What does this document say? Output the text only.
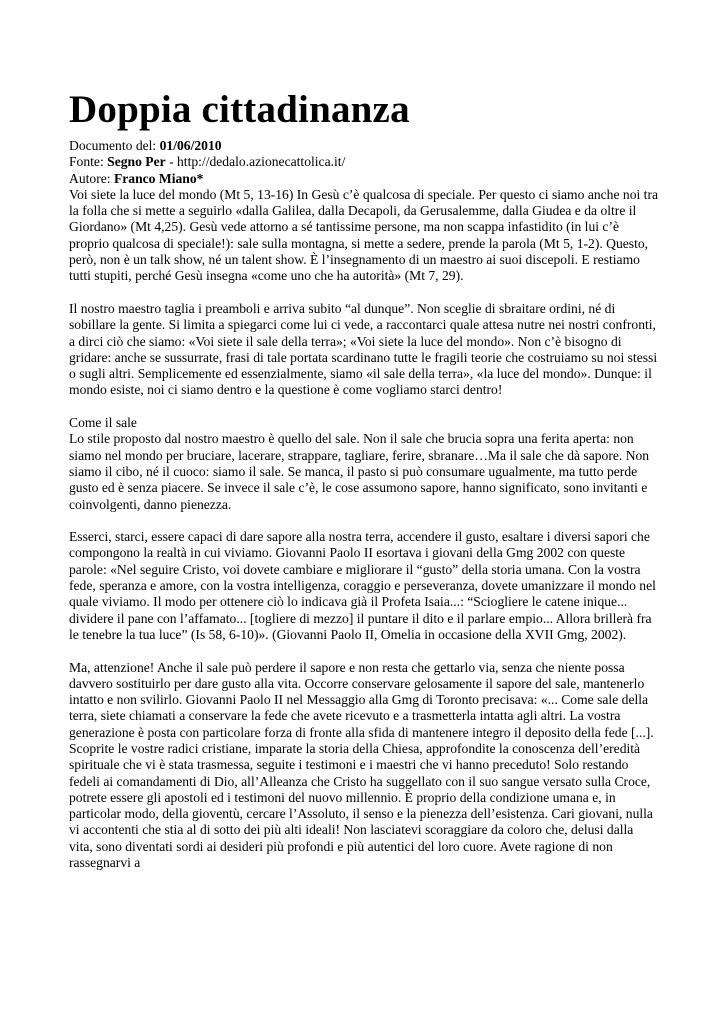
Doppia cittadinanza
Documento del: 01/06/2010
Fonte: Segno Per - http://dedalo.azionecattolica.it/
Autore: Franco Miano*

Voi siete la luce del mondo (Mt 5, 13-16) In Gesù c’è qualcosa di speciale. Per questo ci siamo anche noi tra la folla che si mette a seguirlo «dalla Galilea, dalla Decapoli, da Gerusalemme, dalla Giudea e da oltre il Giordano» (Mt 4,25). Gesù vede attorno a sé tantissime persone, ma non scappa infastidito (in lui c’è proprio qualcosa di speciale!): sale sulla montagna, si mette a sedere, prende la parola (Mt 5, 1-2). Questo, però, non è un talk show, né un talent show. È l’insegnamento di un maestro ai suoi discepoli. E restiamo tutti stupiti, perché Gesù insegna «come uno che ha autorità» (Mt 7, 29).

Il nostro maestro taglia i preamboli e arriva subito “al dunque”. Non sceglie di sbraitare ordini, né di sobillare la gente. Si limita a spiegarci come lui ci vede, a raccontarci quale attesa nutre nei nostri confronti, a dirci ciò che siamo: «Voi siete il sale della terra»; «Voi siete la luce del mondo». Non c’è bisogno di gridare: anche se sussurrate, frasi di tale portata scardinano tutte le fragili teorie che costruiamo su noi stessi o sugli altri. Semplicemente ed essenzialmente, siamo «il sale della terra», «la luce del mondo». Dunque: il mondo esiste, noi ci siamo dentro e la questione è come vogliamo starci dentro!

Come il sale

Lo stile proposto dal nostro maestro è quello del sale. Non il sale che brucia sopra una ferita aperta: non siamo nel mondo per bruciare, lacerare, strappare, tagliare, ferire, sbranare…Ma il sale che dà sapore. Non siamo il cibo, né il cuoco: siamo il sale. Se manca, il pasto si può consumare ugualmente, ma tutto perde gusto ed è senza piacere. Se invece il sale c’è, le cose assumono sapore, hanno significato, sono invitanti e coinvolgenti, danno pienezza.

Esserci, starci, essere capaci di dare sapore alla nostra terra, accendere il gusto, esaltare i diversi sapori che compongono la realtà in cui viviamo. Giovanni Paolo II esortava i giovani della Gmg 2002 con queste parole: «Nel seguire Cristo, voi dovete cambiare e migliorare il “gusto” della storia umana. Con la vostra fede, speranza e amore, con la vostra intelligenza, coraggio e perseveranza, dovete umanizzare il mondo nel quale viviamo. Il modo per ottenere ciò lo indicava già il Profeta Isaia...: “Sciogliere le catene inique... dividere il pane con l’affamato... [togliere di mezzo] il puntare il dito e il parlare empio... Allora brillerà fra le tenebre la tua luce” (Is 58, 6-10)». (Giovanni Paolo II, Omelia in occasione della XVII Gmg, 2002).

Ma, attenzione! Anche il sale può perdere il sapore e non resta che gettarlo via, senza che niente possa davvero sostituirlo per dare gusto alla vita. Occorre conservare gelosamente il sapore del sale, mantenerlo intatto e non svilirlo. Giovanni Paolo II nel Messaggio alla Gmg di Toronto precisava: «... Come sale della terra, siete chiamati a conservare la fede che avete ricevuto e a trasmetterla intatta agli altri. La vostra generazione è posta con particolare forza di fronte alla sfida di mantenere integro il deposito della fede [...]. Scoprite le vostre radici cristiane, imparate la storia della Chiesa, approfondite la conoscenza dell’eredità spirituale che vi è stata trasmessa, seguite i testimoni e i maestri che vi hanno preceduto! Solo restando fedeli ai comandamenti di Dio, all’Alleanza che Cristo ha suggellato con il suo sangue versato sulla Croce, potrete essere gli apostoli ed i testimoni del nuovo millennio. È proprio della condizione umana e, in particolar modo, della gioventù, cercare l’Assoluto, il senso e la pienezza dell’esistenza. Cari giovani, nulla vi accontenti che stia al di sotto dei più alti ideali! Non lasciatevi scoraggiare da coloro che, delusi dalla vita, sono diventati sordi ai desideri più profondi e più autentici del loro cuore. Avete ragione di non rassegnarvi a
